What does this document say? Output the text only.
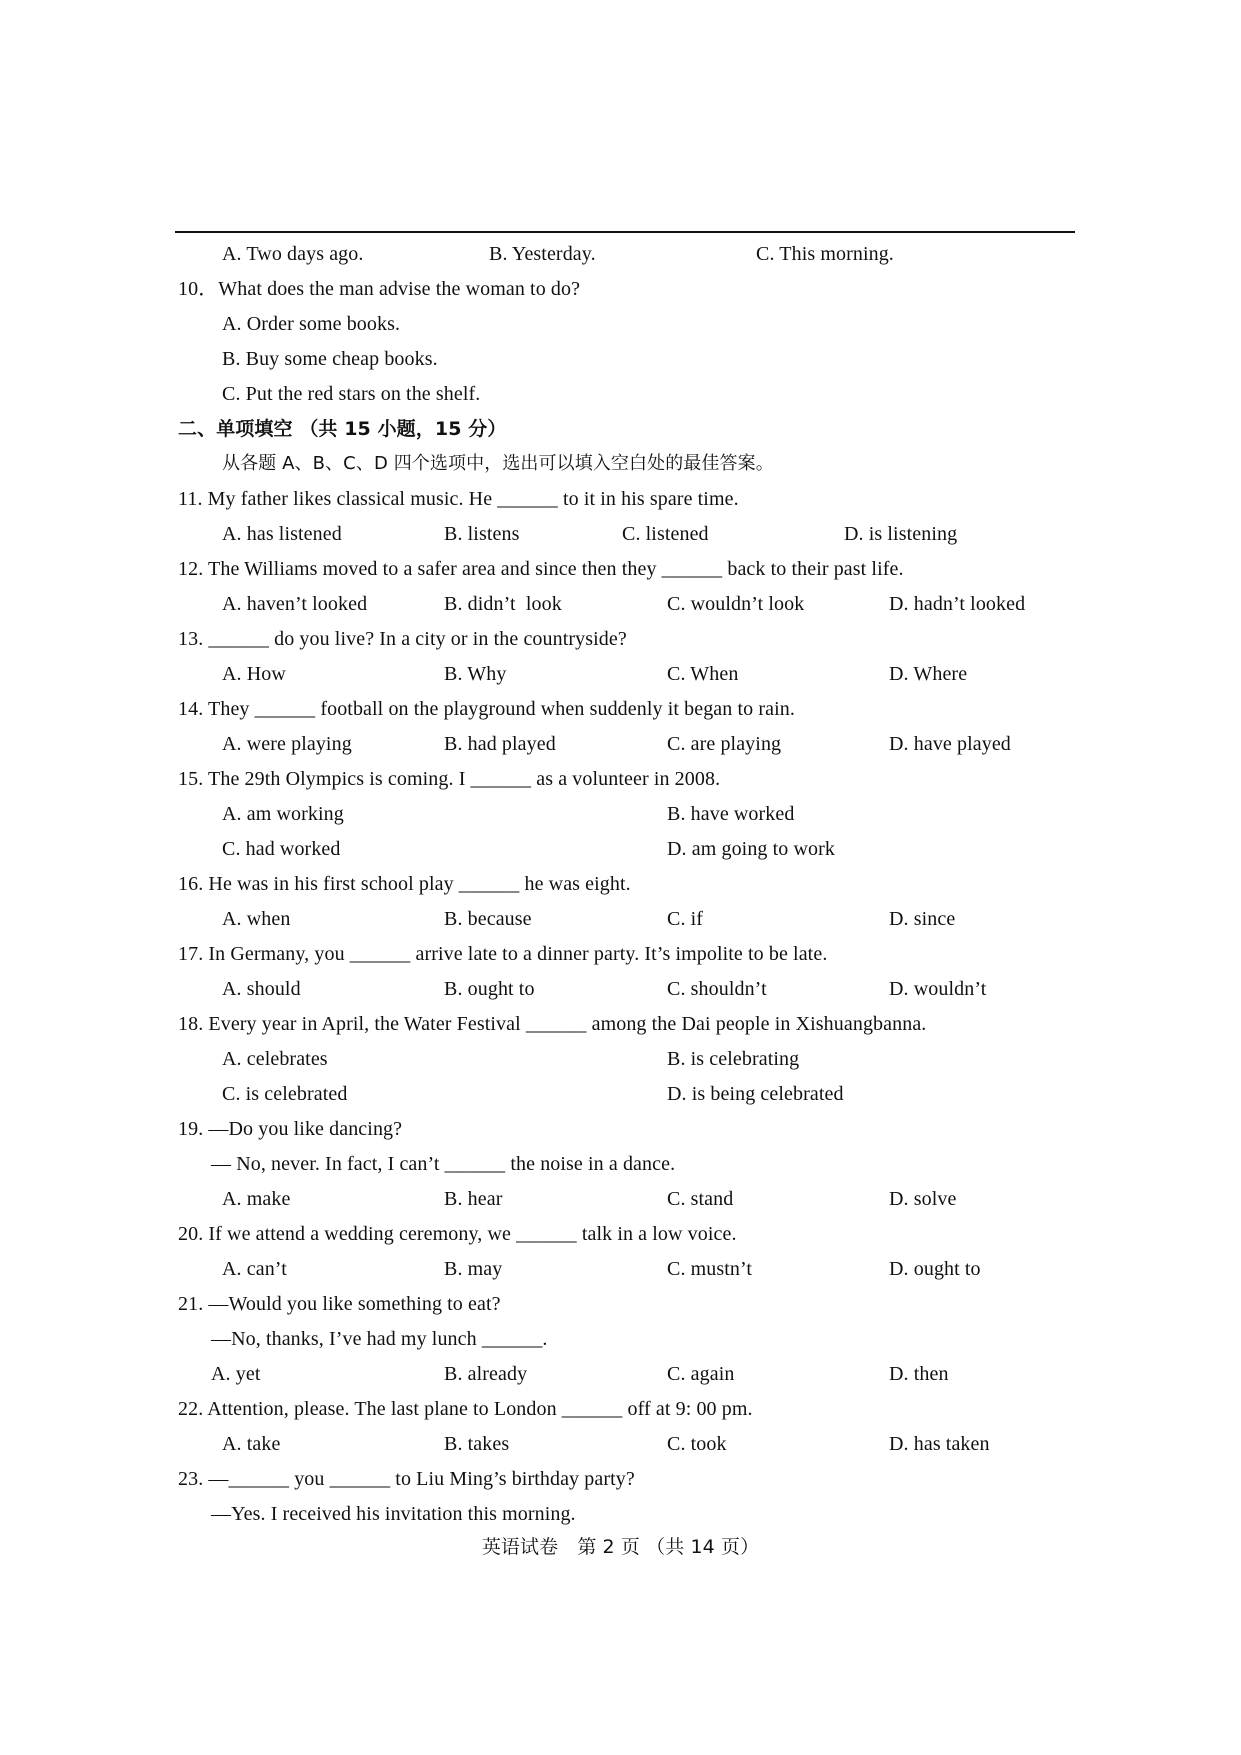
A. Two days ago.	B. Yesterday.	C. This morning.
10．What does the man advise the woman to do?
A. Order some books.
B. Buy some cheap books.
C. Put the red stars on the shelf.
二、单项填空 （共 15 小题，15 分）
从各题 A、B、C、D 四个选项中，选出可以填入空白处的最佳答案。
11. My father likes classical music. He ______ to it in his spare time.
A. has listened	B. listens	C. listened	D. is listening
12. The Williams moved to a safer area and since then they ______ back to their past life.
A. haven’t looked	B. didn’t  look	C. wouldn’t look	D. hadn’t looked
13. ______ do you live? In a city or in the countryside?
A. How	B. Why	C. When	D. Where
14. They ______ football on the playground when suddenly it began to rain.
A. were playing	B. had played	C. are playing	D. have played
15. The 29th Olympics is coming. I ______ as a volunteer in 2008.
A. am working	B. have worked
C. had worked	D. am going to work
16. He was in his first school play ______ he was eight.
A. when	B. because	C. if	D. since
17. In Germany, you ______ arrive late to a dinner party. It’s impolite to be late.
A. should	B. ought to	C. shouldn’t	D. wouldn’t
18. Every year in April, the Water Festival ______ among the Dai people in Xishuangbanna.
A. celebrates	B. is celebrating
C. is celebrated	D. is being celebrated
19. —Do you like dancing?
— No, never. In fact, I can’t ______ the noise in a dance.
A. make	B. hear	C. stand	D. solve
20. If we attend a wedding ceremony, we ______ talk in a low voice.
A. can’t	B. may	C. mustn’t	D. ought to
21. —Would you like something to eat?
—No, thanks, I’ve had my lunch ______.
A. yet	B. already	C. again	D. then
22. Attention, please. The last plane to London ______ off at 9: 00 pm.
A. take	B. takes	C. took	D. has taken
23. —______ you ______ to Liu Ming’s birthday party?
—Yes. I received his invitation this morning.
英语试卷　第 2 页 （共 14 页）
